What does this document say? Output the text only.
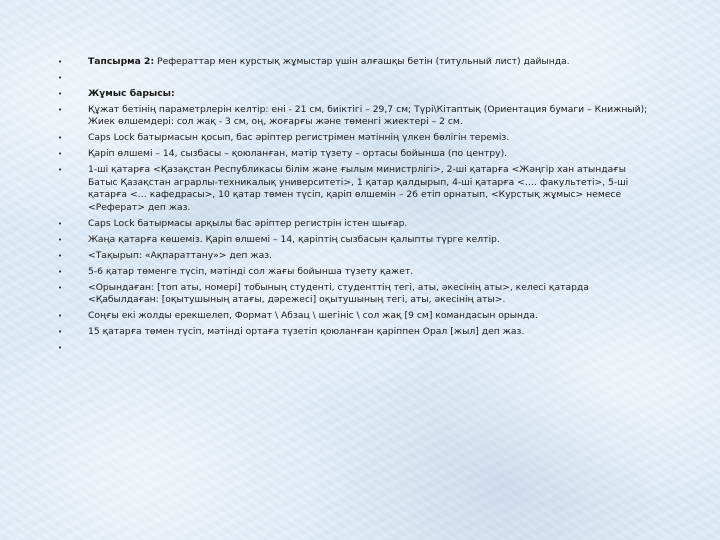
•	Тапсырма 2: Рефераттар мен курстық жұмыстар үшін алғашқы бетін (титульный лист) дайында.
•
•	Жұмыс барысы:
•	Құжат бетінің параметрлерін келтір: ені - 21 см, биіктігі – 29,7 см; Түрі\Кітаптық (Ориентация бумаги – Книжный); Жиек өлшемдері: сол жақ - 3 см, оң, жоғарғы және төменгі жиектері – 2 см.
•	Caps Lock батырмасын қосып, бас әріптер регистрімен мәтіннің үлкен бөлігін тереміз.
•	Қаріп өлшемі – 14, сызбасы – қоюланған, мәтір түзету – ортасы бойынша (по центру).
•	1-ші қатарға <Қазақстан Республикасы білім және ғылым министрлігі>, 2-ші қатарға <Жәңгір хан атындағы Батыс Қазақстан аграрлы-техникалық университеті>, 1 қатар қалдырып, 4-ші қатарға <…. факультеті>, 5-ші қатарға <… кафедрасы>, 10 қатар төмен түсіп, қаріп өлшемін – 26 етіп орнатып, <Курстық жұмыс> немесе <Реферат> деп жаз.
•	Caps Lock батырмасы арқылы бас әріптер регистрін істен шығар.
•	Жаңа қатарға көшеміз. Қаріп өлшемі – 14, қаріптің сызбасын қалыпты түрге келтір.
•	<Тақырып: «Ақпараттану»> деп жаз.
•	5-6 қатар төменге түсіп, мәтінді сол жағы бойынша түзету қажет.
•	<Орындаған: [топ аты, номері] тобының студенті, студенттің тегі, аты, әкесінің аты>, келесі қатарда <Қабылдаған: [оқытушының атағы, дәрежесі] оқытушының тегі, аты, әкесінің аты>.
•	Соңғы екі жолды ерекшелеп, Формат \ Абзац \ шегініс \ сол жақ [9 см] командасын орында.
•	15 қатарға төмен түсіп, мәтінді ортаға түзетіп қоюланған қаріппен Орал [жыл] деп жаз.
•
